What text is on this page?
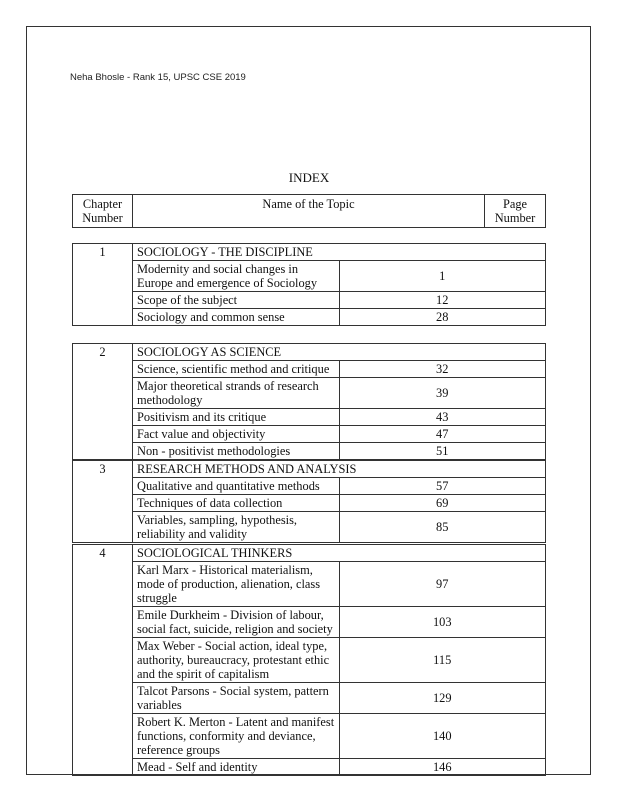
Neha Bhosle - Rank 15, UPSC CSE 2019
INDEX
Chapter Number	Name of the Topic	Page Number
1	SOCIOLOGY - THE DISCIPLINE	
	Modernity and social changes in Europe and emergence of Sociology	1
	Scope of the subject	12
	Sociology and common sense	28
2	SOCIOLOGY AS SCIENCE	
	Science, scientific method and critique	32
	Major theoretical strands of research methodology	39
	Positivism and its critique	43
	Fact value and objectivity	47
	Non - positivist methodologies	51
3	RESEARCH METHODS AND ANALYSIS	
	Qualitative and quantitative methods	57
	Techniques of data collection	69
	Variables, sampling, hypothesis, reliability and validity	85
4	SOCIOLOGICAL THINKERS	
	Karl Marx - Historical materialism, mode of production, alienation, class struggle	97
	Emile Durkheim - Division of labour, social fact, suicide, religion and society	103
	Max Weber - Social action, ideal type, authority, bureaucracy, protestant ethic and the spirit of capitalism	115
	Talcot Parsons - Social system, pattern variables	129
	Robert K. Merton - Latent and manifest functions, conformity and deviance, reference groups	140
	Mead - Self and identity	146
